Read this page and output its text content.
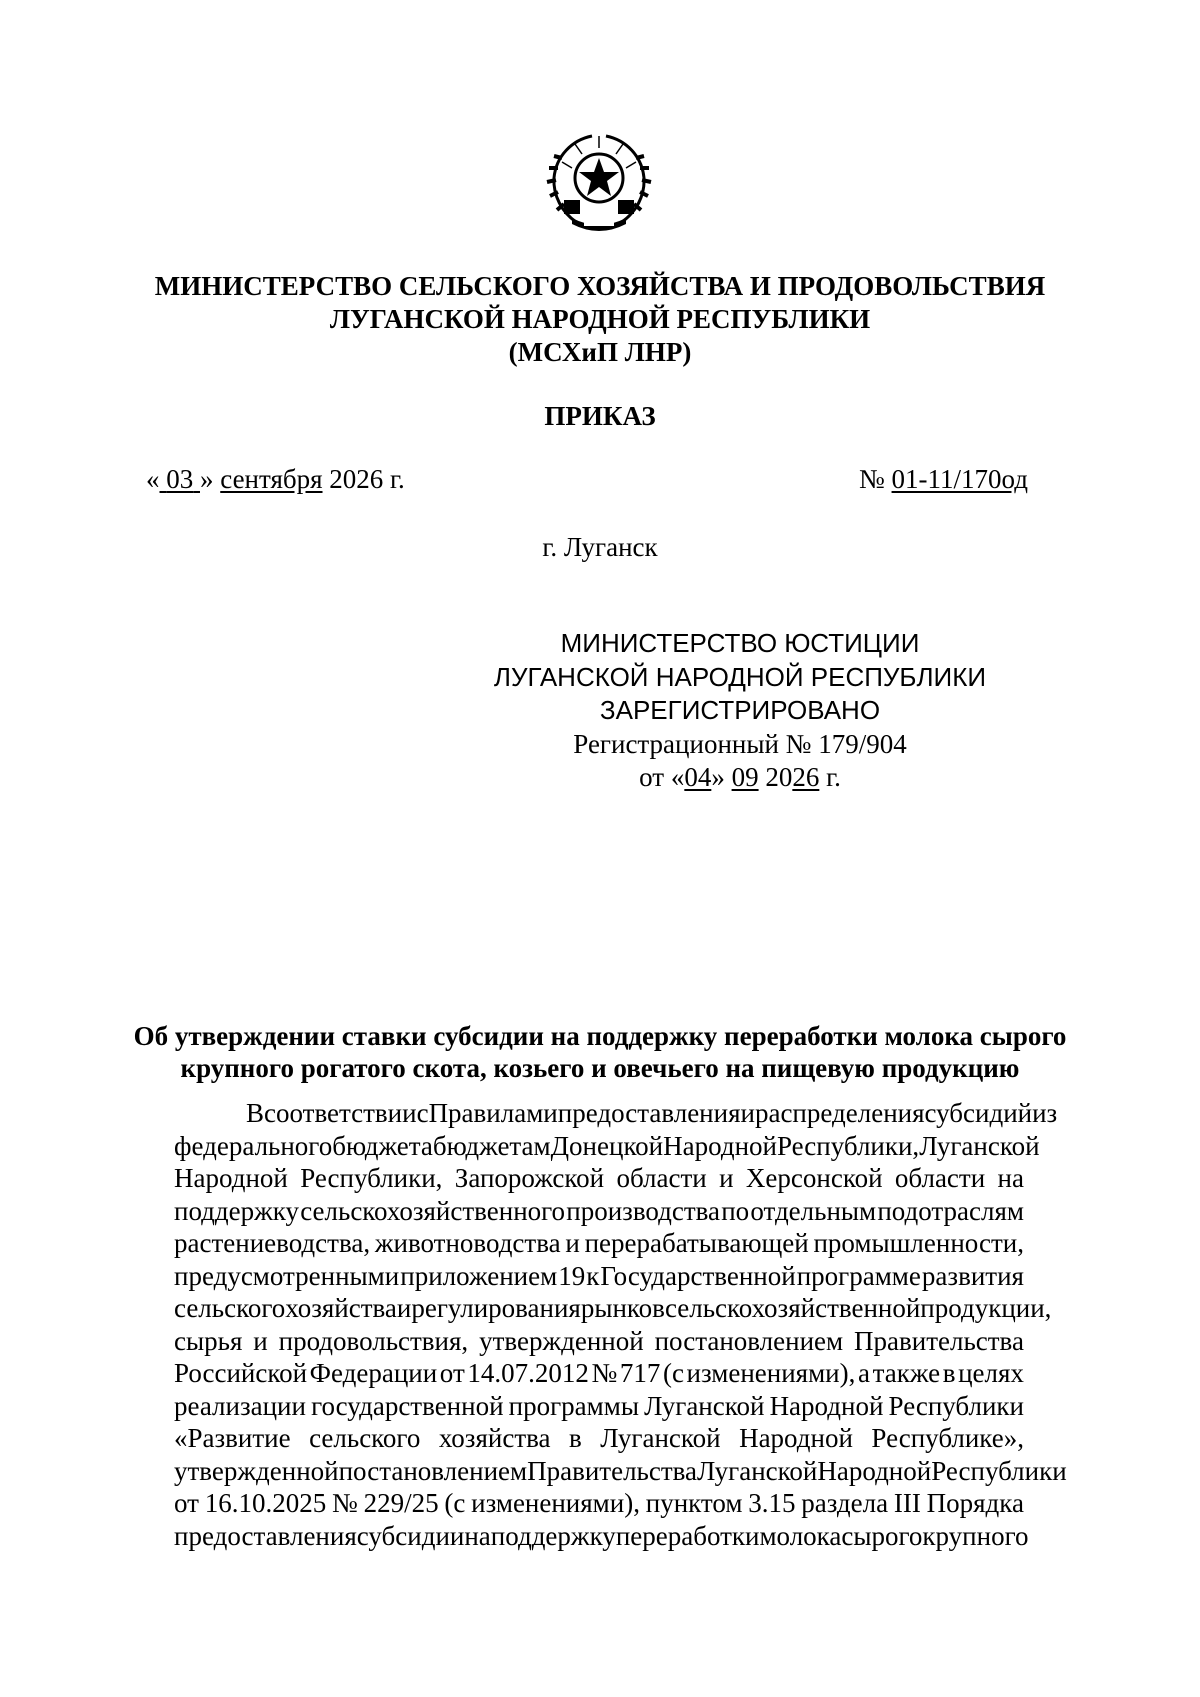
МИНИСТЕРСТВО СЕЛЬСКОГО ХОЗЯЙСТВА И ПРОДОВОЛЬСТВИЯ
ЛУГАНСКОЙ НАРОДНОЙ РЕСПУБЛИКИ
(МСХиП ЛНР)
ПРИКАЗ
« 03 » сентября 2026 г.	№ 01-11/170од
г. Луганск
МИНИСТЕРСТВО ЮСТИЦИИ
ЛУГАНСКОЙ НАРОДНОЙ РЕСПУБЛИКИ
ЗАРЕГИСТРИРОВАНО
Регистрационный № 179/904
от «04» 09 2026 г.
Об утверждении ставки субсидии на поддержку переработки молока сырого
крупного рогатого скота, козьего и овечьего на пищевую продукцию
В соответствии с Правилами предоставления и распределения субсидий из
федерального бюджета бюджетам Донецкой Народной Республики, Луганской
Народной Республики, Запорожской области и Херсонской области на
поддержку сельскохозяйственного производства по отдельным подотраслям
растениеводства, животноводства и перерабатывающей промышленности,
предусмотренными приложением 19 к Государственной программе развития
сельского хозяйства и регулирования рынков сельскохозяйственной продукции,
сырья и продовольствия, утвержденной постановлением Правительства
Российской Федерации от 14.07.2012 № 717 (с изменениями), а также в целях
реализации государственной программы Луганской Народной Республики
«Развитие сельского хозяйства в Луганской Народной Республике»,
утвержденной постановлением Правительства Луганской Народной Республики
от 16.10.2025 № 229/25 (с изменениями), пунктом 3.15 раздела III Порядка
предоставления субсидии на поддержку переработки молока сырого крупного
